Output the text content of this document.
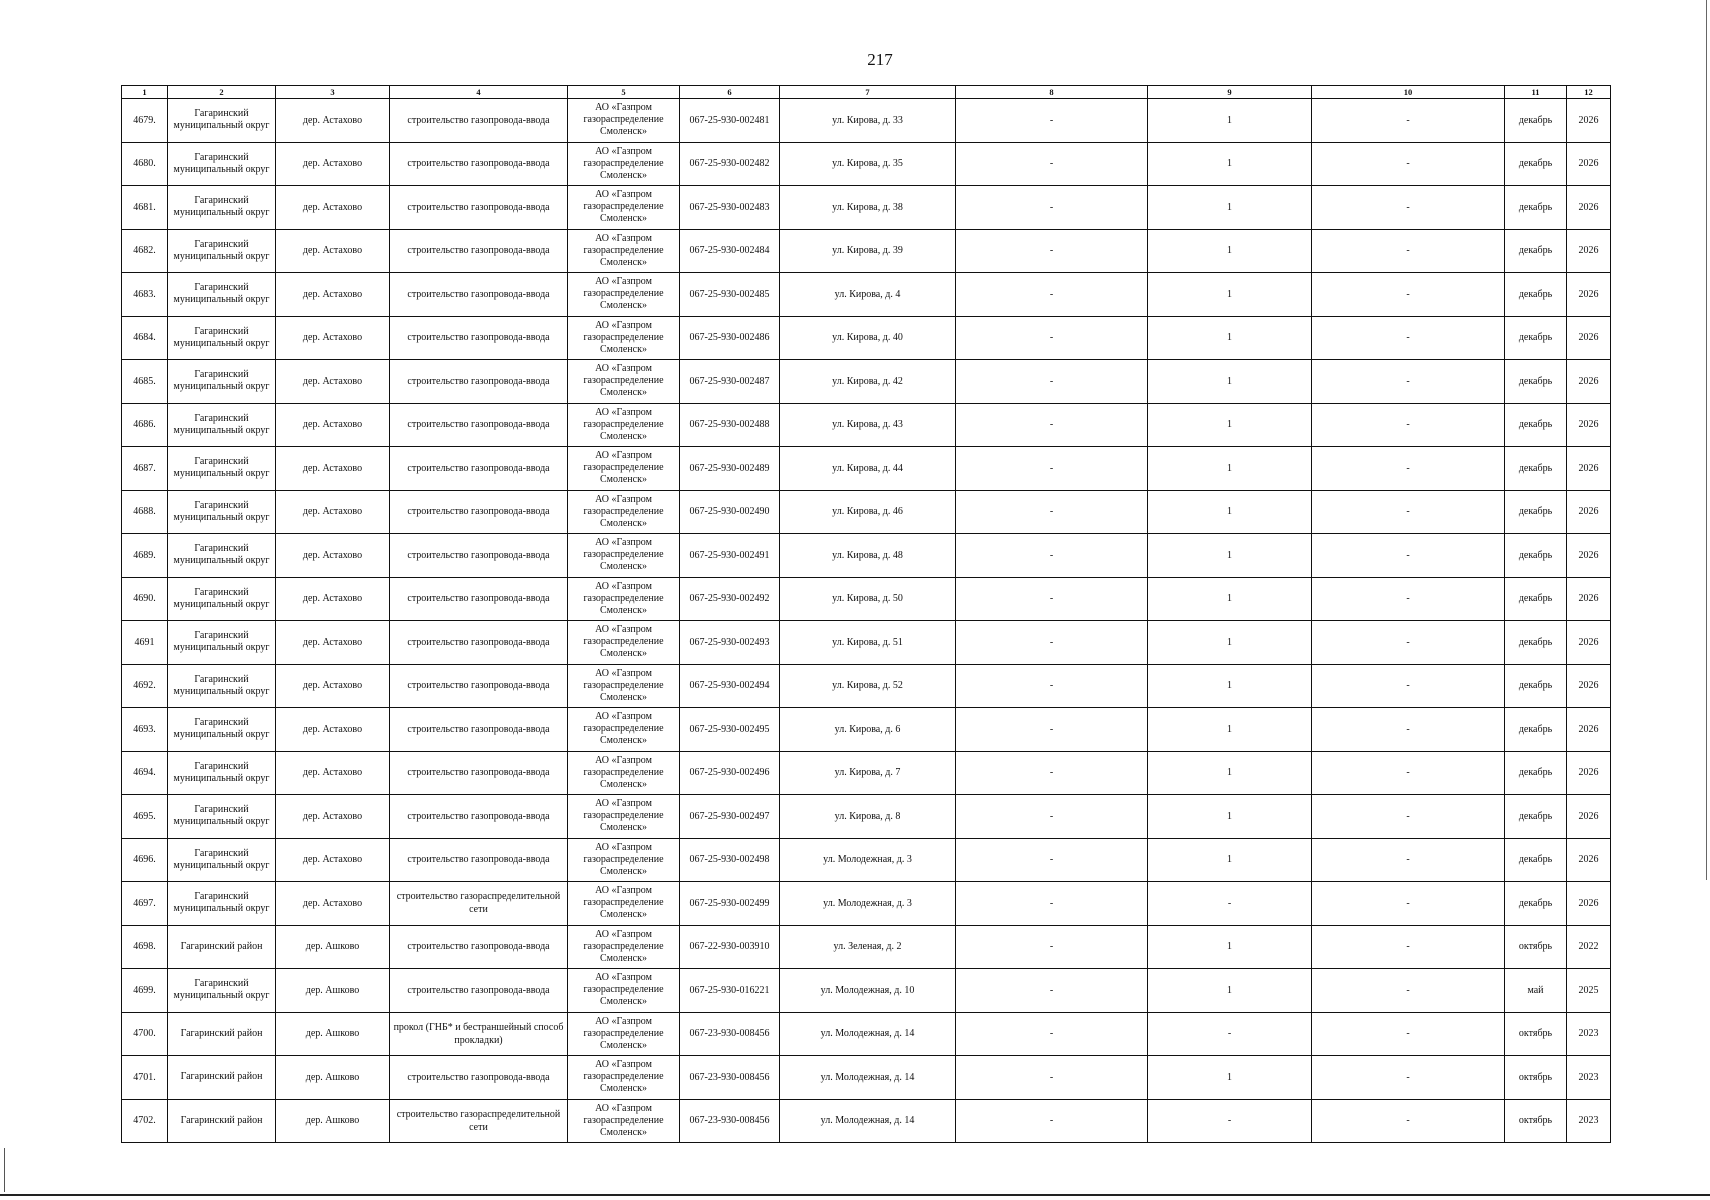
217
1	2	3	4	5	6	7	8	9	10	11	12
4679.	Гагаринский муниципальный округ	дер. Астахово	строительство газопровода-ввода	АО «Газпром газораспределение Смоленск»	067-25-930-002481	ул. Кирова, д. 33	-	1	-	декабрь	2026
4680.	Гагаринский муниципальный округ	дер. Астахово	строительство газопровода-ввода	АО «Газпром газораспределение Смоленск»	067-25-930-002482	ул. Кирова, д. 35	-	1	-	декабрь	2026
4681.	Гагаринский муниципальный округ	дер. Астахово	строительство газопровода-ввода	АО «Газпром газораспределение Смоленск»	067-25-930-002483	ул. Кирова, д. 38	-	1	-	декабрь	2026
4682.	Гагаринский муниципальный округ	дер. Астахово	строительство газопровода-ввода	АО «Газпром газораспределение Смоленск»	067-25-930-002484	ул. Кирова, д. 39	-	1	-	декабрь	2026
4683.	Гагаринский муниципальный округ	дер. Астахово	строительство газопровода-ввода	АО «Газпром газораспределение Смоленск»	067-25-930-002485	ул. Кирова, д. 4	-	1	-	декабрь	2026
4684.	Гагаринский муниципальный округ	дер. Астахово	строительство газопровода-ввода	АО «Газпром газораспределение Смоленск»	067-25-930-002486	ул. Кирова, д. 40	-	1	-	декабрь	2026
4685.	Гагаринский муниципальный округ	дер. Астахово	строительство газопровода-ввода	АО «Газпром газораспределение Смоленск»	067-25-930-002487	ул. Кирова, д. 42	-	1	-	декабрь	2026
4686.	Гагаринский муниципальный округ	дер. Астахово	строительство газопровода-ввода	АО «Газпром газораспределение Смоленск»	067-25-930-002488	ул. Кирова, д. 43	-	1	-	декабрь	2026
4687.	Гагаринский муниципальный округ	дер. Астахово	строительство газопровода-ввода	АО «Газпром газораспределение Смоленск»	067-25-930-002489	ул. Кирова, д. 44	-	1	-	декабрь	2026
4688.	Гагаринский муниципальный округ	дер. Астахово	строительство газопровода-ввода	АО «Газпром газораспределение Смоленск»	067-25-930-002490	ул. Кирова, д. 46	-	1	-	декабрь	2026
4689.	Гагаринский муниципальный округ	дер. Астахово	строительство газопровода-ввода	АО «Газпром газораспределение Смоленск»	067-25-930-002491	ул. Кирова, д. 48	-	1	-	декабрь	2026
4690.	Гагаринский муниципальный округ	дер. Астахово	строительство газопровода-ввода	АО «Газпром газораспределение Смоленск»	067-25-930-002492	ул. Кирова, д. 50	-	1	-	декабрь	2026
4691	Гагаринский муниципальный округ	дер. Астахово	строительство газопровода-ввода	АО «Газпром газораспределение Смоленск»	067-25-930-002493	ул. Кирова, д. 51	-	1	-	декабрь	2026
4692.	Гагаринский муниципальный округ	дер. Астахово	строительство газопровода-ввода	АО «Газпром газораспределение Смоленск»	067-25-930-002494	ул. Кирова, д. 52	-	1	-	декабрь	2026
4693.	Гагаринский муниципальный округ	дер. Астахово	строительство газопровода-ввода	АО «Газпром газораспределение Смоленск»	067-25-930-002495	ул. Кирова, д. 6	-	1	-	декабрь	2026
4694.	Гагаринский муниципальный округ	дер. Астахово	строительство газопровода-ввода	АО «Газпром газораспределение Смоленск»	067-25-930-002496	ул. Кирова, д. 7	-	1	-	декабрь	2026
4695.	Гагаринский муниципальный округ	дер. Астахово	строительство газопровода-ввода	АО «Газпром газораспределение Смоленск»	067-25-930-002497	ул. Кирова, д. 8	-	1	-	декабрь	2026
4696.	Гагаринский муниципальный округ	дер. Астахово	строительство газопровода-ввода	АО «Газпром газораспределение Смоленск»	067-25-930-002498	ул. Молодежная, д. 3	-	1	-	декабрь	2026
4697.	Гагаринский муниципальный округ	дер. Астахово	строительство газораспределительной сети	АО «Газпром газораспределение Смоленск»	067-25-930-002499	ул. Молодежная, д. 3	-	-	-	декабрь	2026
4698.	Гагаринский район	дер. Ашково	строительство газопровода-ввода	АО «Газпром газораспределение Смоленск»	067-22-930-003910	ул. Зеленая, д. 2	-	1	-	октябрь	2022
4699.	Гагаринский муниципальный округ	дер. Ашково	строительство газопровода-ввода	АО «Газпром газораспределение Смоленск»	067-25-930-016221	ул. Молодежная, д. 10	-	1	-	май	2025
4700.	Гагаринский район	дер. Ашково	прокол (ГНБ* и бестраншейный способ прокладки)	АО «Газпром газораспределение Смоленск»	067-23-930-008456	ул. Молодежная, д. 14	-	-	-	октябрь	2023
4701.	Гагаринский район	дер. Ашково	строительство газопровода-ввода	АО «Газпром газораспределение Смоленск»	067-23-930-008456	ул. Молодежная, д. 14	-	1	-	октябрь	2023
4702.	Гагаринский район	дер. Ашково	строительство газораспределительной сети	АО «Газпром газораспределение Смоленск»	067-23-930-008456	ул. Молодежная, д. 14	-	-	-	октябрь	2023
